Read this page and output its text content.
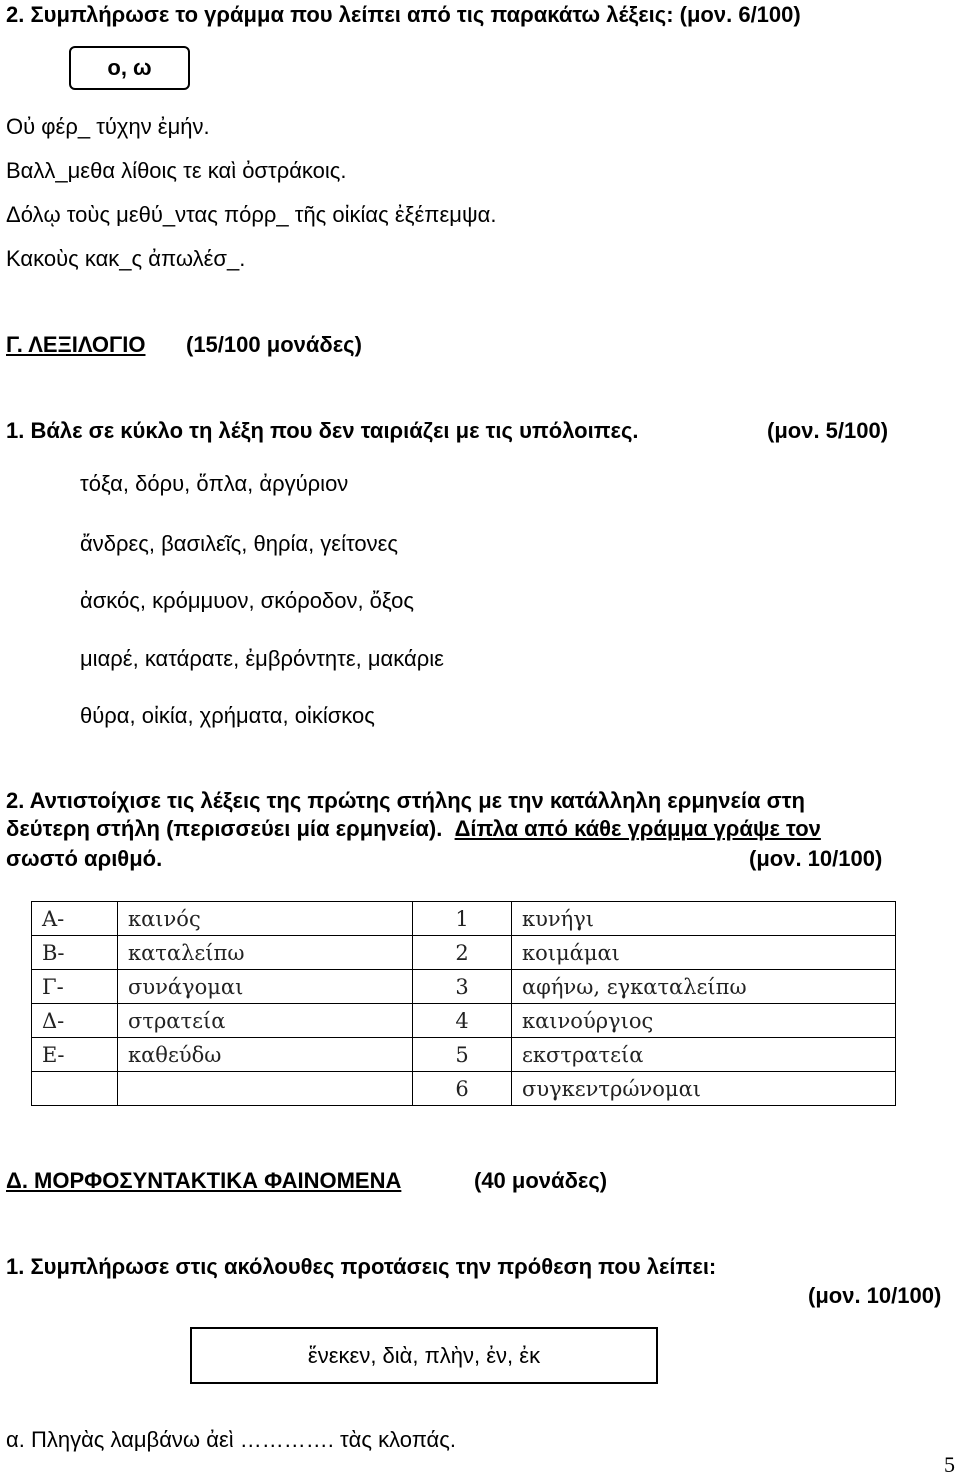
2. Συμπλήρωσε το γράμμα που λείπει από τις παρακάτω λέξεις: (μον. 6/100)
ο, ω
Οὐ φέρ_ τύχην ἐμήν.
Βαλλ_μεθα λίθοις τε καὶ ὀστράκοις.
Δόλῳ τοὺς μεθύ_ντας πόρρ_ τῆς οἰκίας ἐξέπεμψα.
Κακοὺς κακ_ς ἀπωλέσ_.
Γ. ΛΕΞΙΛΟΓΙΟ (15/100 μονάδες)
1. Βάλε σε κύκλο τη λέξη που δεν ταιριάζει με τις υπόλοιπες.	(μον. 5/100)
τόξα, δόρυ, ὅπλα, ἀργύριον
ἄνδρες, βασιλεῖς, θηρία, γείτονες
ἀσκός, κρόμμυον, σκόροδον, ὄξος
μιαρέ, κατάρατε, ἐμβρόντητε, μακάριε
θύρα, οἰκία, χρήματα, οἰκίσκος
2. Αντιστοίχισε τις λέξεις της πρώτης στήλης με την κατάλληλη ερμηνεία στη
δεύτερη στήλη (περισσεύει μία ερμηνεία). Δίπλα από κάθε γράμμα γράψε τον
σωστό αριθμό.	(μον. 10/100)
Α-	καινός	1	κυνήγι
Β-	καταλείπω	2	κοιμάμαι
Γ-	συνάγομαι	3	αφήνω, εγκαταλείπω
Δ-	στρατεία	4	καινούργιος
Ε-	καθεύδω	5	εκστρατεία
		6	συγκεντρώνομαι
Δ. ΜΟΡΦΟΣΥΝΤΑΚΤΙΚΑ ΦΑΙΝΟΜΕΝΑ	(40 μονάδες)
1. Συμπλήρωσε στις ακόλουθες προτάσεις την πρόθεση που λείπει:
(μον. 10/100)
ἕνεκεν, διὰ, πλὴν, ἐν, ἐκ
α. Πληγὰς λαμβάνω ἀεὶ …………. τὰς κλοπάς.
5
